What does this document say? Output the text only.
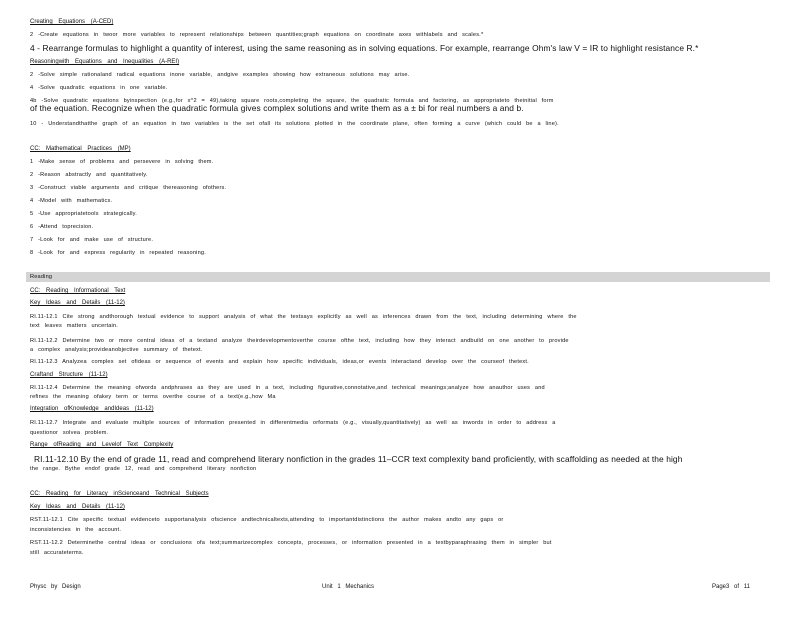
Creating Equations (A-CED)
2 -Create equations in twoor more variables to represent relationships between quantities;graph equations on coordinate axes withlabels and scales.*
4 - Rearrange formulas to highlight a quantity of interest, using the same reasoning as in solving equations. For example, rearrange Ohm's law V = IR to highlight resistance R.*
Reasoningwith Equations and Inequalities (A-REI)
2 -Solve simple rationaland radical equations inone variable, andgive examples showing how extraneous solutions may arise.
4 -Solve quadratic equations in one variable.
4b -Solve quadratic equations byinspection (e.g.,for x^2 = 49),taking square roots,completing the square, the quadratic formula and factoring, as appropriateto theinitial form
of the equation. Recognize when the quadratic formula gives complex solutions and write them as a ± bi for real numbers a and b.
10 - Understandthatthe graph of an equation in two variables is the set ofall its solutions plotted in the coordinate plane, often forming a curve (which could be a line).
CC: Mathematical Practices (MP)
1 -Make sense of problems and persevere in solving them.
2 -Reason abstractly and quantitatively.
3 -Construct viable arguments and critique thereasoning ofothers.
4 -Model with mathematics.
5 -Use appropriatetools strategically.
6 -Attend toprecision.
7 -Look for and make use of structure.
8 -Look for and express regularity in repeated reasoning.
Reading
CC: Reading Informational Text
Key Ideas and Details (11-12)
RI.11-12.1 Cite strong andthorough textual evidence to support analysis of what the textsays explicitly as well as inferences drawn from the text, including determining where the
text leaves matters uncertain.
RI.11-12.2 Determine two or more central ideas of a textand analyze theirdevelopmentoverthe course ofthe text, including how they interact andbuild on one another to provide
a complex analysis;provideanobjective summary of thetext.
RI.11-12.3 Analyzea complex set ofideas or sequence of events and explain how specific individuals, ideas,or events interactand develop over the courseof thetext.
Craftand Structure (11-12)
RI.11-12.4 Determine the meaning ofwords andphrases as they are used in a text, including figurative,connotative,and technical meanings;analyze how anauthor uses and
refines the meaning ofakey term or terms overthe course of a text(e.g.,how Ma
Integration ofKnowledge andIdeas (11-12)
RI.11-12.7 Integrate and evaluate multiple sources of information presented in differentmedia orformats (e.g., visually,quantitatively) as well as inwords in order to address a
questionor solvea problem.
Range ofReading and Levelof Text Complexity
RI.11-12.10 By the end of grade 11, read and comprehend literary nonfiction in the grades 11–CCR text complexity band proficiently, with scaffolding as needed at the high
the range. Bythe endof grade 12, read and comprehend literary nonfiction
CC: Reading for Literacy inScienceand Technical Subjects
Key Ideas and Details (11-12)
RST.11-12.1 Cite specific textual evidenceto supportanalysis ofscience andtechnicaltexts,attending to importantdistinctions the author makes andto any gaps or
inconsistencies in the account.
RST.11-12.2 Determinethe central ideas or conclusions ofa text;summarizecomplex concepts, processes, or information presented in a textbyparaphrasing them in simpler but
still accurateterms.
Physc by Design	Unit 1 Mechanics	Page3 of 11
